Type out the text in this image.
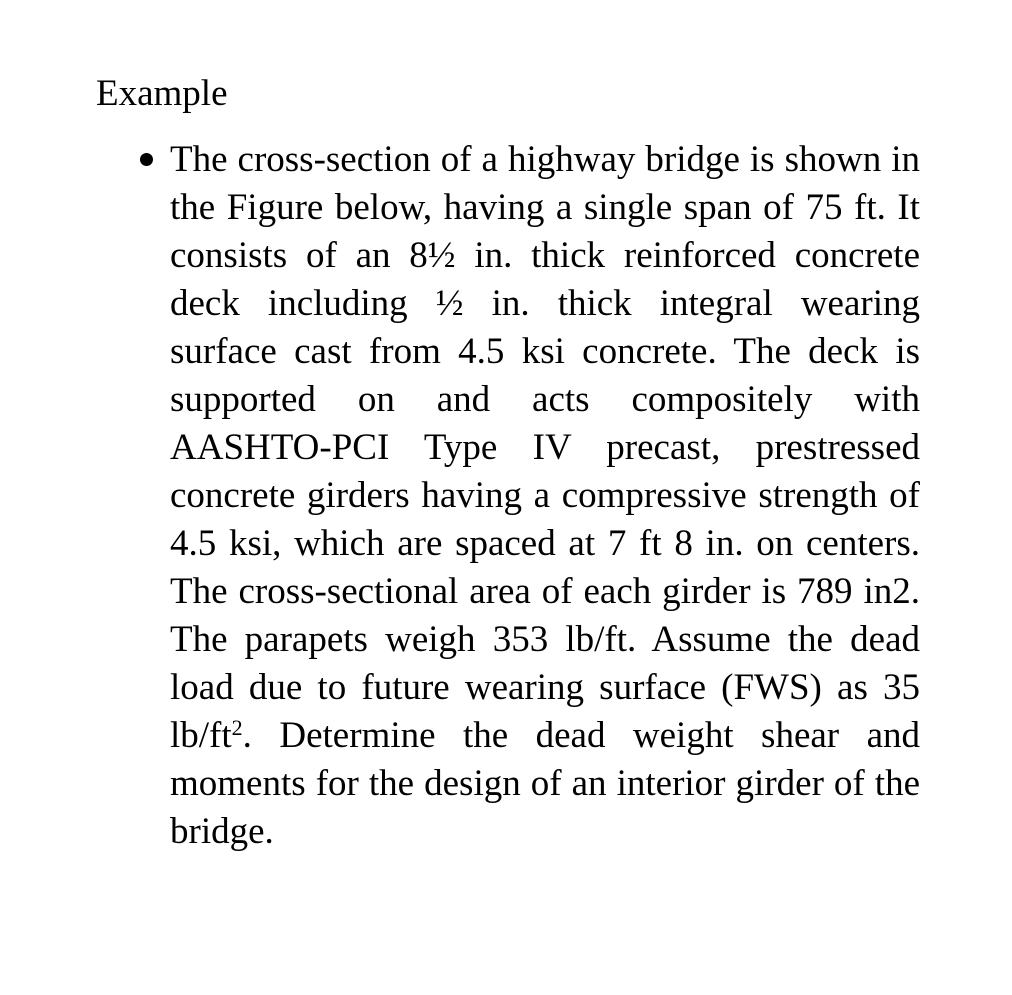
Example
The cross-section of a highway bridge is shown in the Figure below, having a single span of 75 ft. It consists of an 8½ in. thick reinforced concrete deck including ½ in. thick integral wearing surface cast from 4.5 ksi concrete. The deck is supported on and acts compositely with AASHTO-PCI Type IV precast, prestressed concrete girders having a compressive strength of 4.5 ksi, which are spaced at 7 ft 8 in. on centers. The cross-sectional area of each girder is 789 in2. The parapets weigh 353 lb/ft. Assume the dead load due to future wearing surface (FWS) as 35 $lb/ft^2$. Determine the dead weight shear and moments for the design of an interior girder of the bridge.
